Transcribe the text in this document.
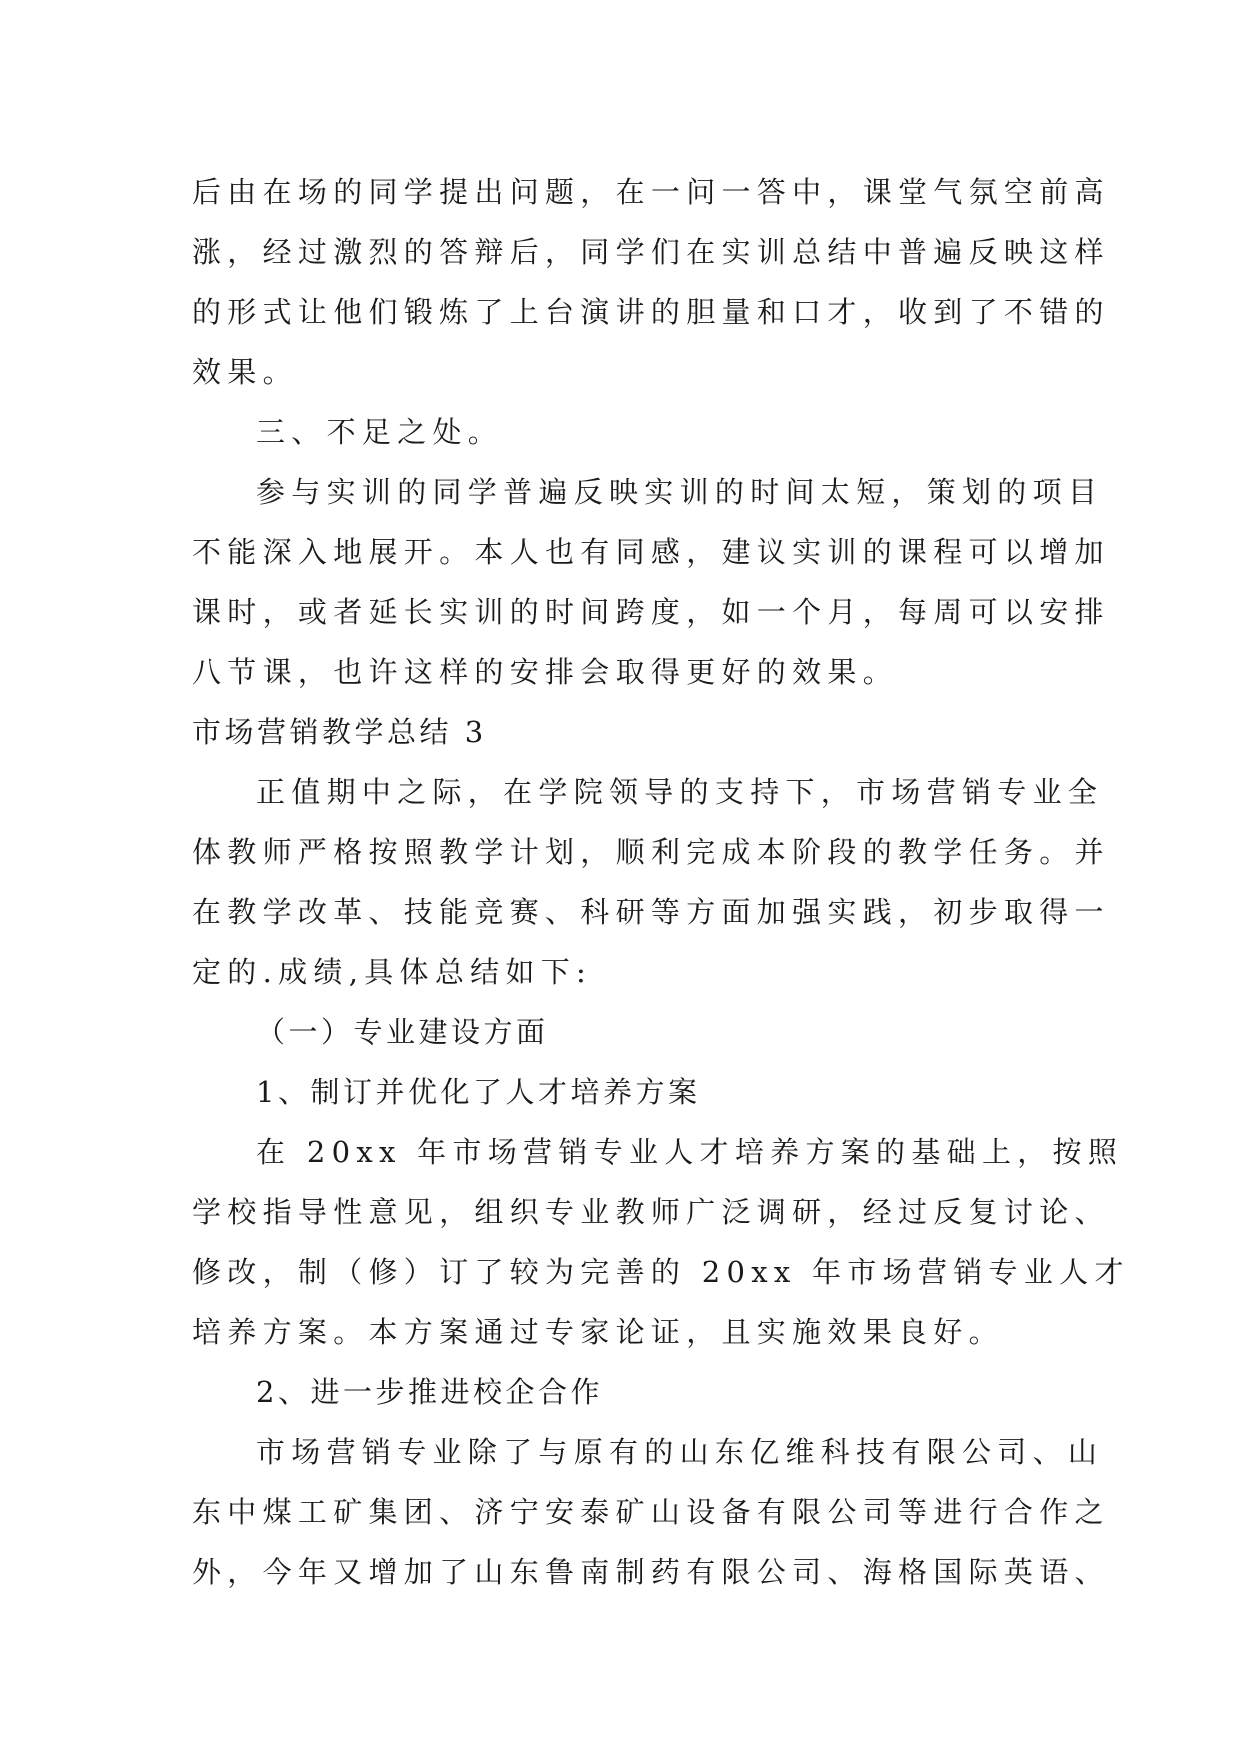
后由在场的同学提出问题，在一问一答中，课堂气氛空前高
涨，经过激烈的答辩后，同学们在实训总结中普遍反映这样
的形式让他们锻炼了上台演讲的胆量和口才，收到了不错的
效果。
三、不足之处。
参与实训的同学普遍反映实训的时间太短，策划的项目
不能深入地展开。本人也有同感，建议实训的课程可以增加
课时，或者延长实训的时间跨度，如一个月，每周可以安排
八节课，也许这样的安排会取得更好的效果。
市场营销教学总结 3
正值期中之际，在学院领导的支持下，市场营销专业全
体教师严格按照教学计划，顺利完成本阶段的教学任务。并
在教学改革、技能竞赛、科研等方面加强实践，初步取得一
定的.成绩,具体总结如下:
（一）专业建设方面
1、制订并优化了人才培养方案
在 20xx 年市场营销专业人才培养方案的基础上，按照
学校指导性意见，组织专业教师广泛调研，经过反复讨论、
修改，制（修）订了较为完善的 20xx 年市场营销专业人才
培养方案。本方案通过专家论证，且实施效果良好。
2、进一步推进校企合作
市场营销专业除了与原有的山东亿维科技有限公司、山
东中煤工矿集团、济宁安泰矿山设备有限公司等进行合作之
外，今年又增加了山东鲁南制药有限公司、海格国际英语、
